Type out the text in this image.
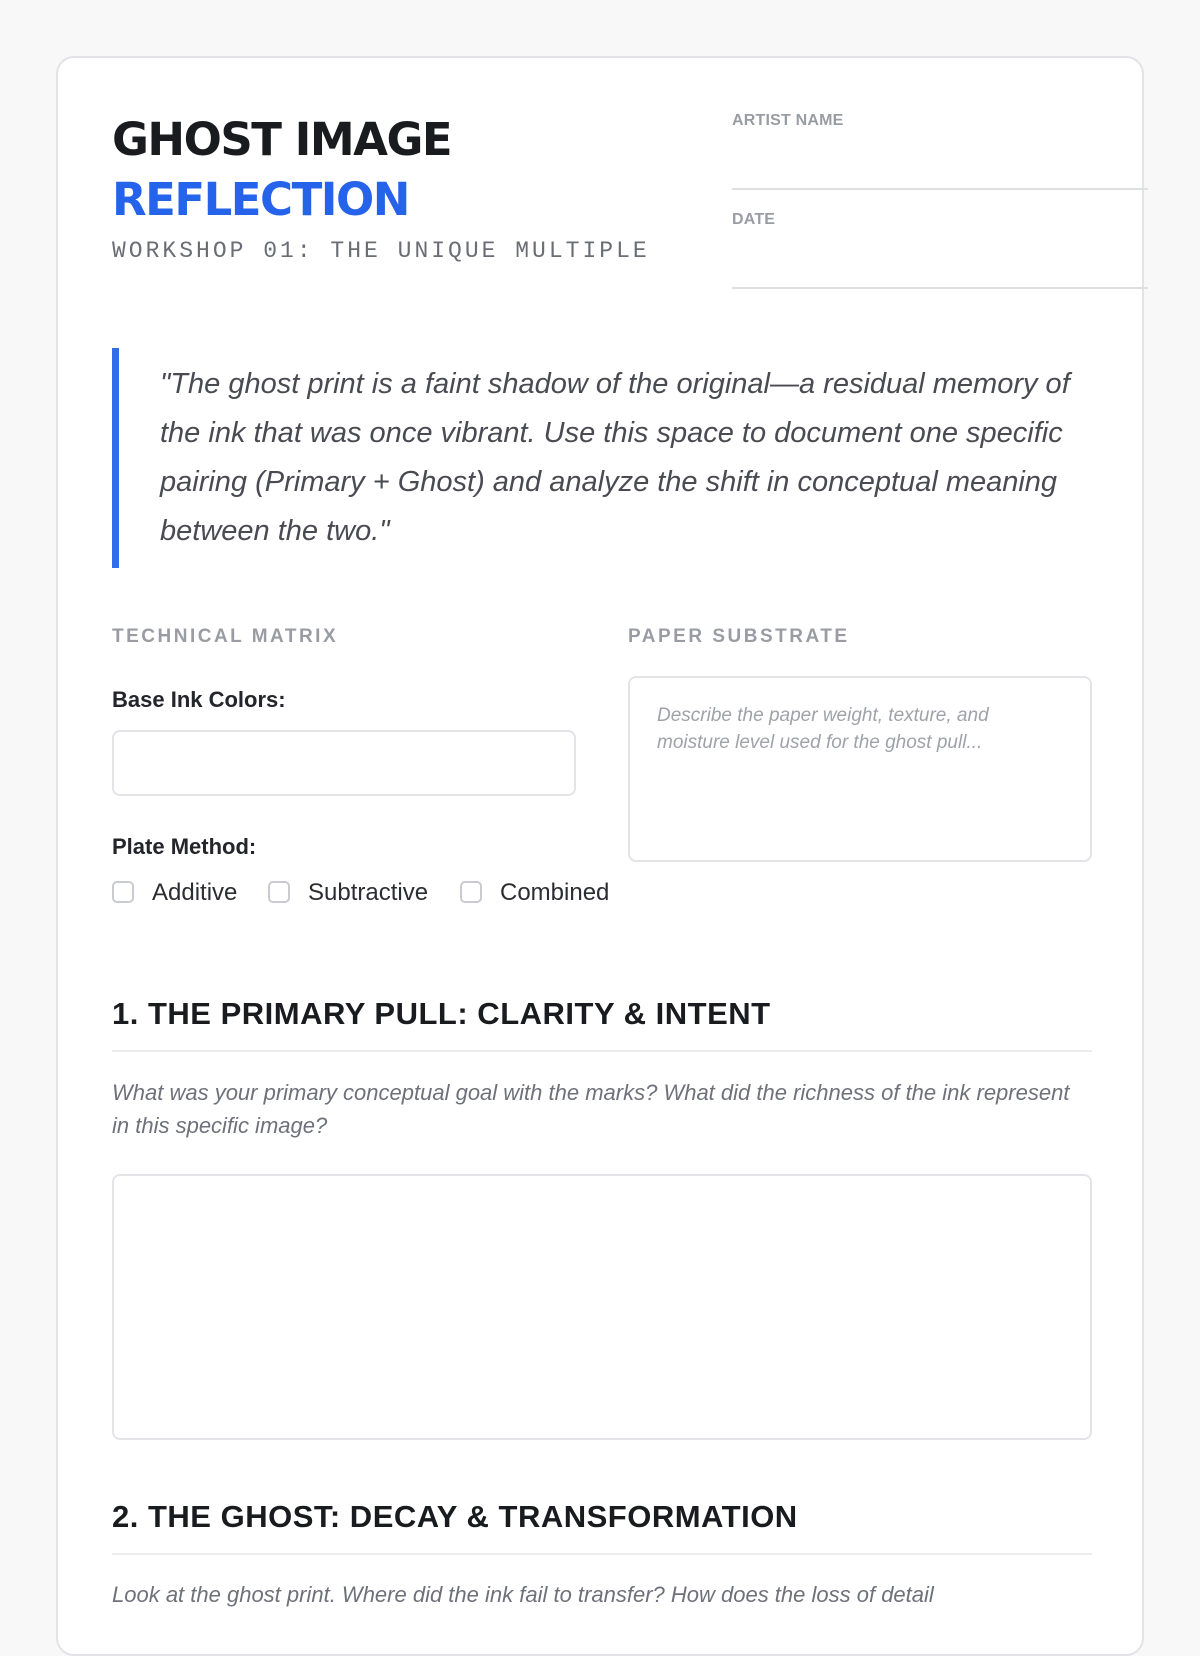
GHOST IMAGE
REFLECTION
WORKSHOP 01: THE UNIQUE MULTIPLE
ARTIST NAME
DATE
"The ghost print is a faint shadow of the original—a residual memory of the ink that was once vibrant. Use this space to document one specific pairing (Primary + Ghost) and analyze the shift in conceptual meaning between the two."
TECHNICAL MATRIX
Base Ink Colors:
Plate Method:
Additive	Subtractive	Combined
PAPER SUBSTRATE
Describe the paper weight, texture, and moisture level used for the ghost pull...
1. THE PRIMARY PULL: CLARITY & INTENT
What was your primary conceptual goal with the marks? What did the richness of the ink represent in this specific image?
2. THE GHOST: DECAY & TRANSFORMATION
Look at the ghost print. Where did the ink fail to transfer? How does the loss of detail
